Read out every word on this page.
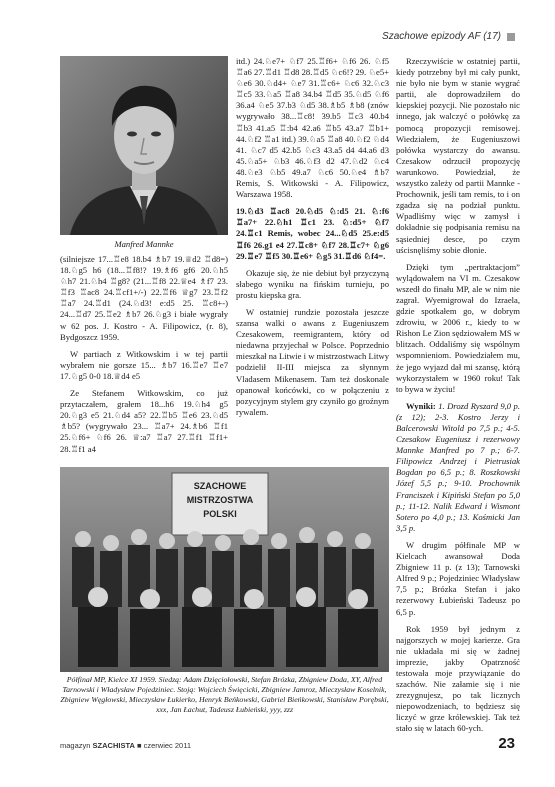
Szachowe epizody AF (17)
Manfred Mannke

(silniejsze 17...♖e8 18.b4 ♗b7 19.♕d2 ♖d8=) 18.♘g5 h6 (18...♖f8!? 19.♗f6 gf6 20.♘h5 ♘h7 21.♘h4 ♖g8? (21...♖f8 22.♕e4 ♗f7 23. ♖f3 ♖ac8 24.♖cf1+/-) 22.♖f6 ♕g7 23.♖f2 ♖a7 24.♖d1 (24.♘d3! e:d5 25. ♖c8+-) 24...♖d7 25.♖e2 ♗b7 26.♘g3 i białe wygrały w 62 pos. J. Kostro - A. Filipowicz, (r. 8), Bydgoszcz 1959.

W partiach z Witkowskim i w tej partii wybrałem nie gorsze 15... ♗b7 16.♖e7 ♖e7 17.♘g5 0-0 18.♕d4 e5

Ze Stefanem Witkowskim, co już przytaczałem, grałem 18...h6 19.♘h4 g5 20.♘g3 e5 21.♘d4 a5? 22.♖b5 ♖e6 23.♘d5 ♗b5? (wygrywało 23... ♖a7+ 24.♗b6 ♖f1 25.♘f6+ ♘f6 26. ♕:a7 ♖a7 27.♖f1 ♖f1+ 28.♖f1 a4

itd.) 24.♘e7+ ♘f7 25.♖f6+ ♘f6 26. ♘f5 ♖a6 27.♖d1 ♖d8 28.♖d5 ♘c6!? 29. ♘e5+ ♘e6 30.♘d4+ ♘e7 31.♖c6+ ♘c6 32.♘c3 ♖c5 33.♘a5 ♖a8 34.b4 ♖d5 35.♘d5 ♘f6 36.a4 ♘e5 37.b3 ♘d5 38.♗b5 ♗b8 (znów wygrywało 38...♖c8! 39.b5 ♖c3 40.b4 ♖b3 41.a5 ♖:b4 42.a6 ♖b5 43.a7 ♖b1+ 44.♘f2 ♖a1 itd.) 39.♘a5 ♖a8 40.♘f2 ♘d4 41. ♘c7 d5 42.b5 ♘c3 43.a5 d4 44.a6 d3 45.♘a5+ ♘b3 46.♘f3 d2 47.♘d2 ♘c4 48.♘e3 ♘b5 49.a7 ♘c6 50.♘e4 ♗b7 Remis, S. Witkowski - A. Filipowicz, Warszawa 1958.

19.♘d3 ♖ac8 20.♘d5 ♘:d5 21. ♘:f6 ♖a7+ 22.♘h1 ♖c1 23. ♘:d5+ ♘f7 24.♖c1 Remis, wobec 24...♘d5 25.e:d5 ♖f6 26.g1 e4 27.♖c8+ ♘f7 28.♖c7+ ♘g6 29.♖e7 ♖f5 30.♖e6+ ♘g5 31.♖d6 ♘f4=.

Okazuje się, że nie debiut był przyczyną słabego wyniku na fińskim turnieju, po prostu kiepska gra.

W ostatniej rundzie pozostała jeszcze szansa walki o awans z Eugeniuszem Czesakowem, reemigrantem, który od niedawna przyjechał w Polsce. Poprzednio mieszkał na Litwie i w mistrzostwach Litwy podzielił II-III miejsca za słynnym Vladasem Mikenasem. Tam też doskonale opanował końcówki, co w połączeniu z pozycyjnym stylem gry czyniło go groźnym rywalem.

Rzeczywiście w ostatniej partii, kiedy potrzebny był mi cały punkt, nie było nie bym w stanie wygrać partii, ale doprowadziłem do kiepskiej pozycji. Nie pozostało nic innego, jak walczyć o połówkę za pomocą propozycji remisowej. Wiedziałem, że Eugeniuszowi połówka wystarczy do awansu. Czesakow odrzucił propozycję warunkowo. Powiedział, że wszystko zależy od partii Mannke - Prochownik, jeśli tam remis, to i on zgadza się na podział punktu. Wpadliśmy więc w zamysł i dokładnie się podpisania remisu na sąsiedniej desce, po czym uścisnęliśmy sobie dłonie.

Dzięki tym „pertraktacjom” wylądowałem na VI m. Czesakow wszedł do finału MP, ale w nim nie zagrał. Wyemigrował do Izraela, gdzie spotkałem go, w dobrym zdrowiu, w 2006 r., kiedy to w Rishon Le Zion sędziowałem MS w blitzach. Oddaliśmy się wspólnym wspomnieniom. Powiedziałem mu, że jego wyjazd dał mi szansę, którą wykorzystałem w 1960 roku! Tak to bywa w życiu!

Wyniki: 1. Drozd Ryszard 9,0 p. (z 12); 2-3. Kostro Jerzy i Balcerowski Witold po 7,5 p.; 4-5. Czesakow Eugeniusz i rezerwowy Mannke Manfred po 7 p.; 6-7. Filipowicz Andrzej i Pietrusiak Bogdan po 6,5 p.; 8. Roszkowski Józef 5,5 p.; 9-10. Prochownik Franciszek i Kipiński Stefan po 5,0 p.; 11-12. Nalik Edward i Wismont Sotero po 4,0 p.; 13. Kośmicki Jan 3,5 p.

W drugim półfinale MP w Kielcach awansował Doda Zbigniew 11 p. (z 13); Tarnowski Alfred 9 p.; Pojedziniec Władysław 7,5 p.; Brózka Stefan i jako rezerwowy Łubieński Tadeusz po 6,5 p.

Rok 1959 był jednym z najgorszych w mojej karierze. Gra nie układała mi się w żadnej imprezie, jakby Opatrzność testowała moje przywiązanie do szachów. Nie załamie się i nie zrezygnujesz, po tak licznych niepowodzeniach, to będziesz się liczyć w grze królewskiej. Tak też stało się w latach 60-ych.

SZACHOWE
MISTRZOSTWA
POLSKI
Półfinał MP, Kielce XI 1959. Siedzą: Adam Dzięciołowski, Stefan Brózka, Zbigniew Doda, XY, Alfred Tarnowski i Władysław Pojedziniec. Stoją: Wojciech Święcicki, Zbigniew Jamroz, Mieczysław Koselnik, Zbigniew Węgłowski, Mieczysław Łukierko, Henryk Beńkowski, Gabriel Bieńkowski, Stanisław Porębski, xxx, Jan Łachut, Tadeusz Łubieński, yyy, zzz
magazyn SZACHISTA ■ czerwiec 2011	23
